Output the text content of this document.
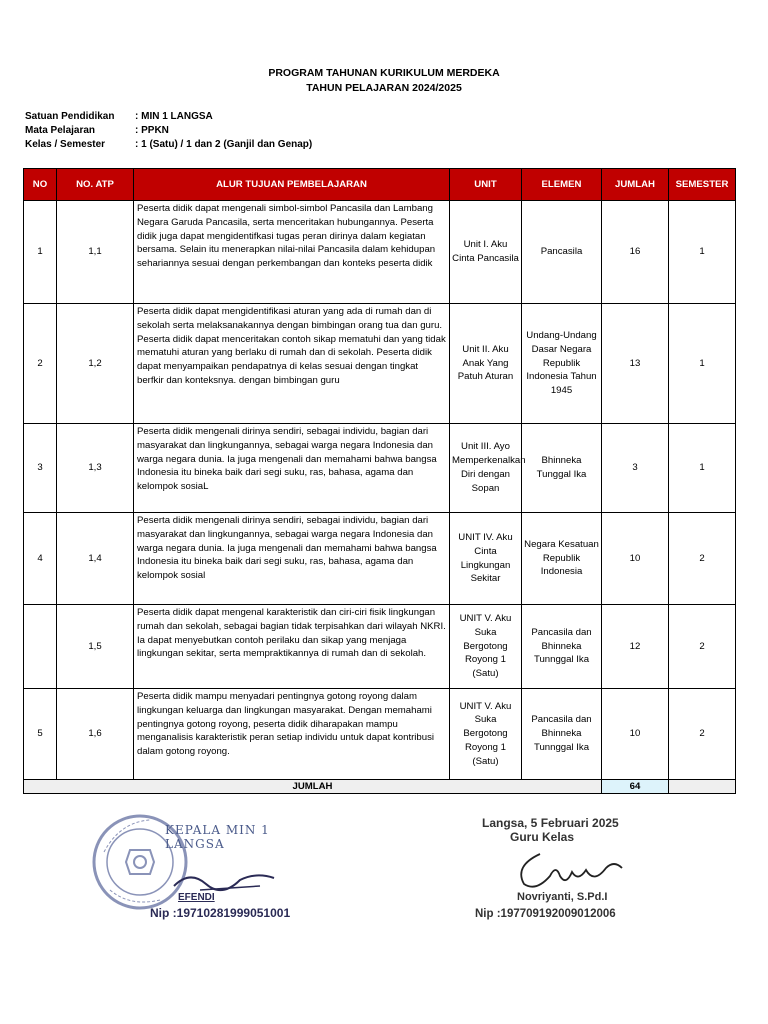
PROGRAM TAHUNAN KURIKULUM MERDEKA
TAHUN PELAJARAN 2024/2025
Satuan Pendidikan	: MIN 1 LANGSA
Mata Pelajaran	: PPKN
Kelas / Semester	: 1 (Satu) / 1 dan 2 (Ganjil dan Genap)
NO	NO. ATP	ALUR TUJUAN PEMBELAJARAN	UNIT	ELEMEN	JUMLAH	SEMESTER
1	1,1	Peserta didik dapat mengenali simbol-simbol Pancasila dan Lambang Negara Garuda Pancasila, serta menceritakan hubungannya. Peserta didik juga dapat mengidentifkasi tugas peran dirinya dalam kegiatan bersama. Selain itu menerapkan nilai-nilai Pancasila dalam kehidupan sehariannya sesuai dengan perkembangan dan konteks peserta didik	Unit I. Aku Cinta Pancasila	Pancasila	16	1
2	1,2	Peserta didik dapat mengidentifikasi aturan yang ada di rumah dan di sekolah serta melaksanakannya dengan bimbingan orang tua dan guru. Peserta didik dapat menceritakan contoh sikap mematuhi dan yang tidak mematuhi aturan yang berlaku di rumah dan di sekolah. Peserta didik dapat menyampaikan pendapatnya di kelas sesuai dengan tingkat berfkir dan konteksnya. dengan bimbingan guru	Unit II. Aku Anak Yang Patuh Aturan	Undang-Undang Dasar Negara Republik Indonesia Tahun 1945	13	1
3	1,3	Peserta didik mengenali dirinya sendiri, sebagai individu, bagian dari masyarakat dan lingkungannya, sebagai warga negara Indonesia dan warga negara dunia. Ia juga mengenali dan memahami bahwa bangsa Indonesia itu bineka baik dari segi suku, ras, bahasa, agama dan kelompok sosiaL	Unit III. Ayo Memperkenalkan Diri dengan Sopan	Bhinneka Tunggal Ika	3	1
4	1,4	Peserta didik mengenali dirinya sendiri, sebagai individu, bagian dari masyarakat dan lingkungannya, sebagai warga negara Indonesia dan warga negara dunia. Ia juga mengenali dan memahami bahwa bangsa Indonesia itu bineka baik dari segi suku, ras, bahasa, agama dan kelompok sosial	UNIT IV. Aku Cinta Lingkungan Sekitar	Negara Kesatuan Republik Indonesia	10	2
	1,5	Peserta didik dapat mengenal karakteristik dan ciri-ciri fisik lingkungan rumah dan sekolah, sebagai bagian tidak terpisahkan dari wilayah NKRI. Ia dapat menyebutkan contoh perilaku dan sikap yang menjaga lingkungan sekitar, serta mempraktikannya di rumah dan di sekolah.	UNIT V. Aku Suka Bergotong Royong 1 (Satu)	Pancasila dan Bhinneka Tunnggal Ika	12	2
5	1,6	Peserta didik mampu menyadari pentingnya gotong royong dalam lingkungan keluarga dan lingkungan masyarakat. Dengan memahami pentingnya gotong royong, peserta didik diharapakan mampu menganalisis karakteristik peran setiap individu untuk dapat kontribusi dalam gotong royong.	UNIT V. Aku Suka Bergotong Royong 1 (Satu)	Pancasila dan Bhinneka Tunnggal Ika	10	2
JUMLAH					64	
KEPALA MIN 1 LANGSA
EFENDI
Nip :19710281999051001
Langsa, 5 Februari 2025
Guru Kelas
Novriyanti, S.Pd.I
Nip :197709192009012006
